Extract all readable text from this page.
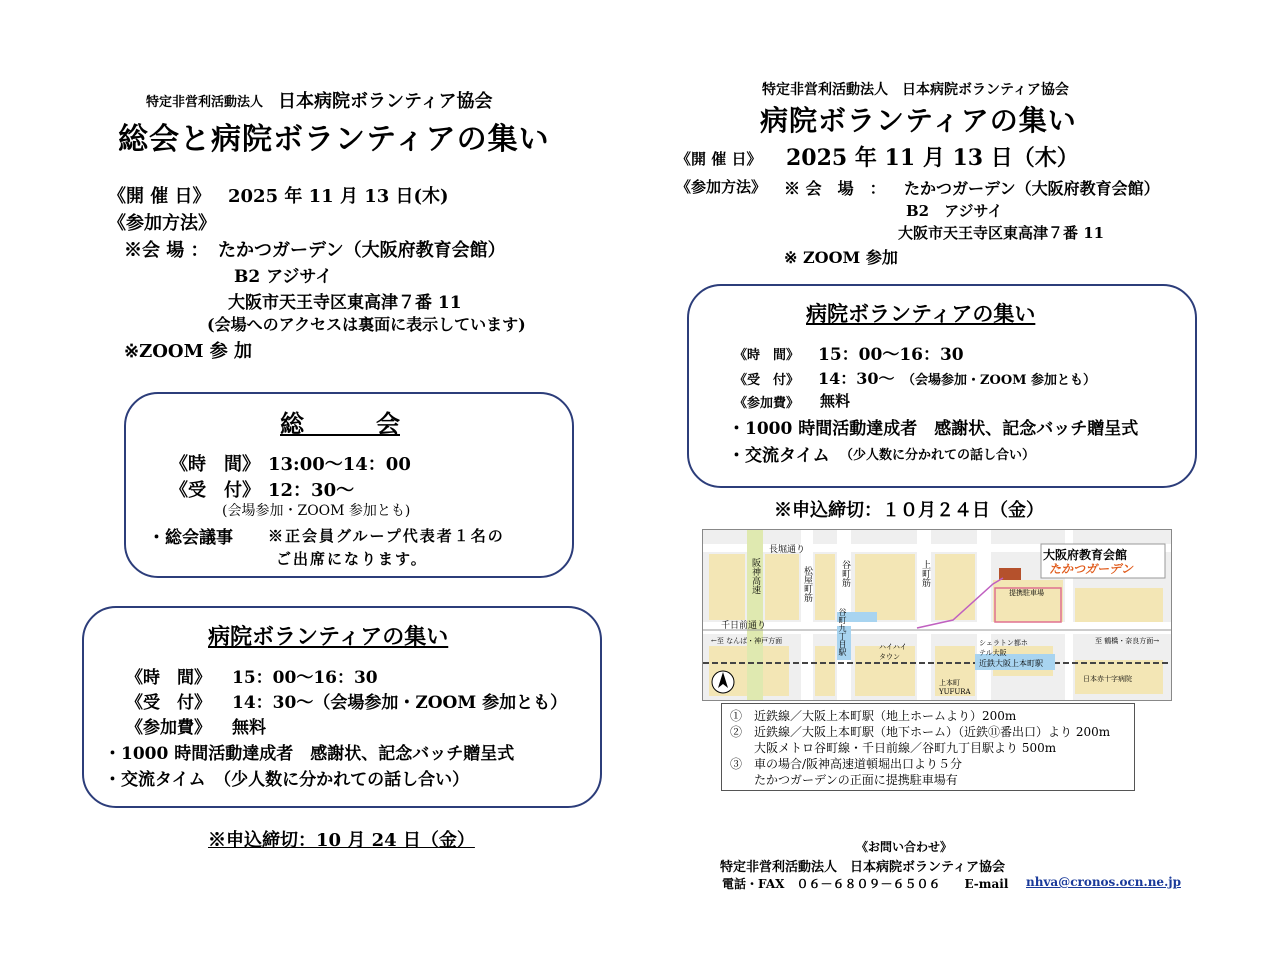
特定非営利活動法人 日本病院ボランティア協会
総会と病院ボランティアの集い
《開 催 日》 2025 年 11 月 13 日(木)
《参加方法》
※会 場 ： たかつガーデン（大阪府教育会館）
B2 アジサイ
大阪市天王寺区東高津７番 11
(会場へのアクセスは裏面に表示しています)
※ZOOM 参 加
総　　　会
《時　間》 13:00～14：00
《受　付》 12：30～
(会場参加・ZOOM 参加とも)
・総会議事 ※正会員グループ代表者１名の
ご出席になります。
病院ボランティアの集い
《時　間》 15：00～16：30
《受　付》 14：30～（会場参加・ZOOM 参加とも）
《参加費》 無料
・1000 時間活動達成者　感謝状、記念バッチ贈呈式
・交流タイム　（少人数に分かれての話し合い）
※申込締切：10 月 24 日（金）
特定非営利活動法人　日本病院ボランティア協会
病院ボランティアの集い
《開 催 日》 2025 年 11 月 13 日（木）
《参加方法》 ※ 会　場　： たかつガーデン（大阪府教育会館）
B2　アジサイ
大阪市天王寺区東高津７番 11
※ ZOOM 参加
病院ボランティアの集い
《時　間》 15：00～16：30
《受　付》 14：30～ （会場参加・ZOOM 参加とも）
《参加費》 無料
・1000 時間活動達成者　感謝状、記念バッチ贈呈式
・交流タイム （少人数に分かれての話し合い）
※申込締切：１０月２４日（金）
大阪府教育会館
たかつガーデン
長堀通り
千日前通り
阪神高速	松屋町筋	谷町筋	上町筋
谷町九丁目駅
近鉄大阪上本町駅
上本町YUFURA
ハイハイタウン
シェラトン都ホテル大阪
日本赤十字病院
←至 なんば・神戸方面	至 鶴橋・奈良方面→
提携駐車場
①　近鉄線／大阪上本町駅（地上ホームより）200m
②　近鉄線／大阪上本町駅（地下ホーム）（近鉄⑪番出口）より 200m
　　大阪メトロ谷町線・千日前線／谷町九丁目駅より 500m
③　車の場合/阪神高速道頓堀出口より５分
　　たかつガーデンの正面に提携駐車場有
《お問い合わせ》
特定非営利活動法人　日本病院ボランティア協会
電話・FAX　０６－６８０９－６５０６　　E-mail nhva@cronos.ocn.ne.jp
